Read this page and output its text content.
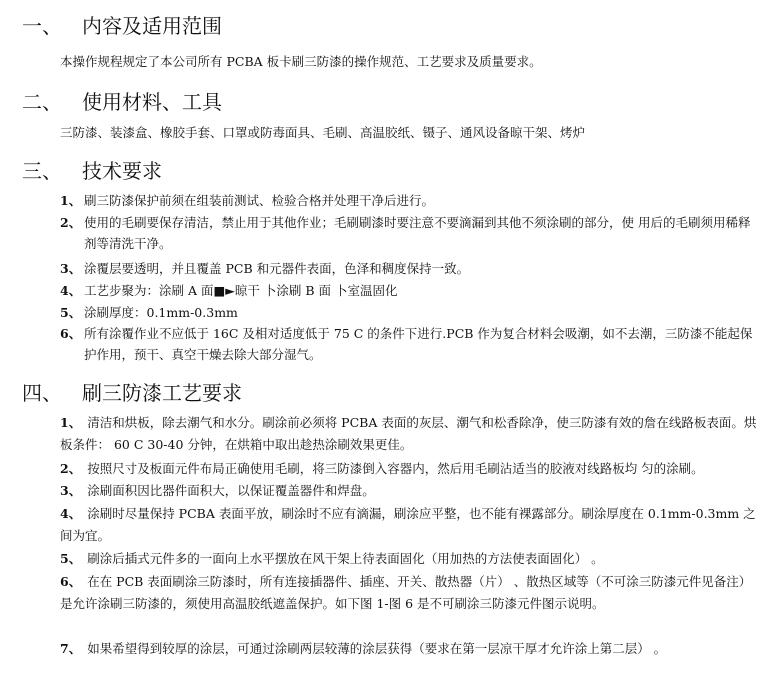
一、	内容及适用范围
本操作规程规定了本公司所有 PCBA 板卡刷三防漆的操作规范、工艺要求及质量要求。
二、	使用材料、工具
三防漆、装漆盒、橡胶手套、口罩或防毒面具、毛刷、高温胶纸、镊子、通风设备晾干架、烤炉
三、	技术要求
1、 刷三防漆保护前须在组装前测试、检验合格并处理干净后进行。
2、 使用的毛刷要保存清洁，禁止用于其他作业；毛刷刷漆时要注意不要滴漏到其他不须涂刷的部分，使 用后的毛刷须用稀释剂等清洗干净。
3、 涂覆层要透明，并且覆盖 PCB 和元器件表面，色泽和稠度保持一致。
4、 工艺步聚为：涂刷 A 面■►晾干 卜涂刷 B 面 卜室温固化
5、 涂刷厚度：0.1mm-0.3mm
6、 所有涂覆作业不应低于 16C 及相对适度低于 75 C 的条件下进行.PCB 作为复合材料会吸潮，如不去潮，三防漆不能起保护作用，预干、真空干燥去除大部分湿气。
四、	刷三防漆工艺要求
1、 清洁和烘板，除去潮气和水分。刷涂前必须将 PCBA 表面的灰层、潮气和松香除净，使三防漆有效的詹在线路板表面。烘板条件： 60 C 30-40 分钟，在烘箱中取出趁热涂刷效果更佳。
2、 按照尺寸及板面元件布局正确使用毛刷，将三防漆倒入容器内，然后用毛刷沾适当的胶液对线路板均 匀的涂刷。
3、 涂刷面积因比器件面积大，以保证覆盖器件和焊盘。
4、 涂刷时尽量保持 PCBA 表面平放，刷涂时不应有滴漏，刷涂应平整，也不能有裸露部分。刷涂厚度在 0.1mm-0.3mm 之间为宜。
5、 刷涂后插式元件多的一面向上水平摆放在风干架上待表面固化（用加热的方法使表面固化） 。
6、 在在 PCB 表面刷涂三防漆时，所有连接插器件、插座、开关、散热器（片） 、散热区域等（不可涂三防漆元件见备注）是允许涂刷三防漆的，须使用高温胶纸遮盖保护。如下图 1-图 6 是不可刷涂三防漆元件图示说明。
7、 如果希望得到较厚的涂层，可通过涂刷两层较薄的涂层获得（要求在第一层凉干厚才允许涂上第二层） 。
